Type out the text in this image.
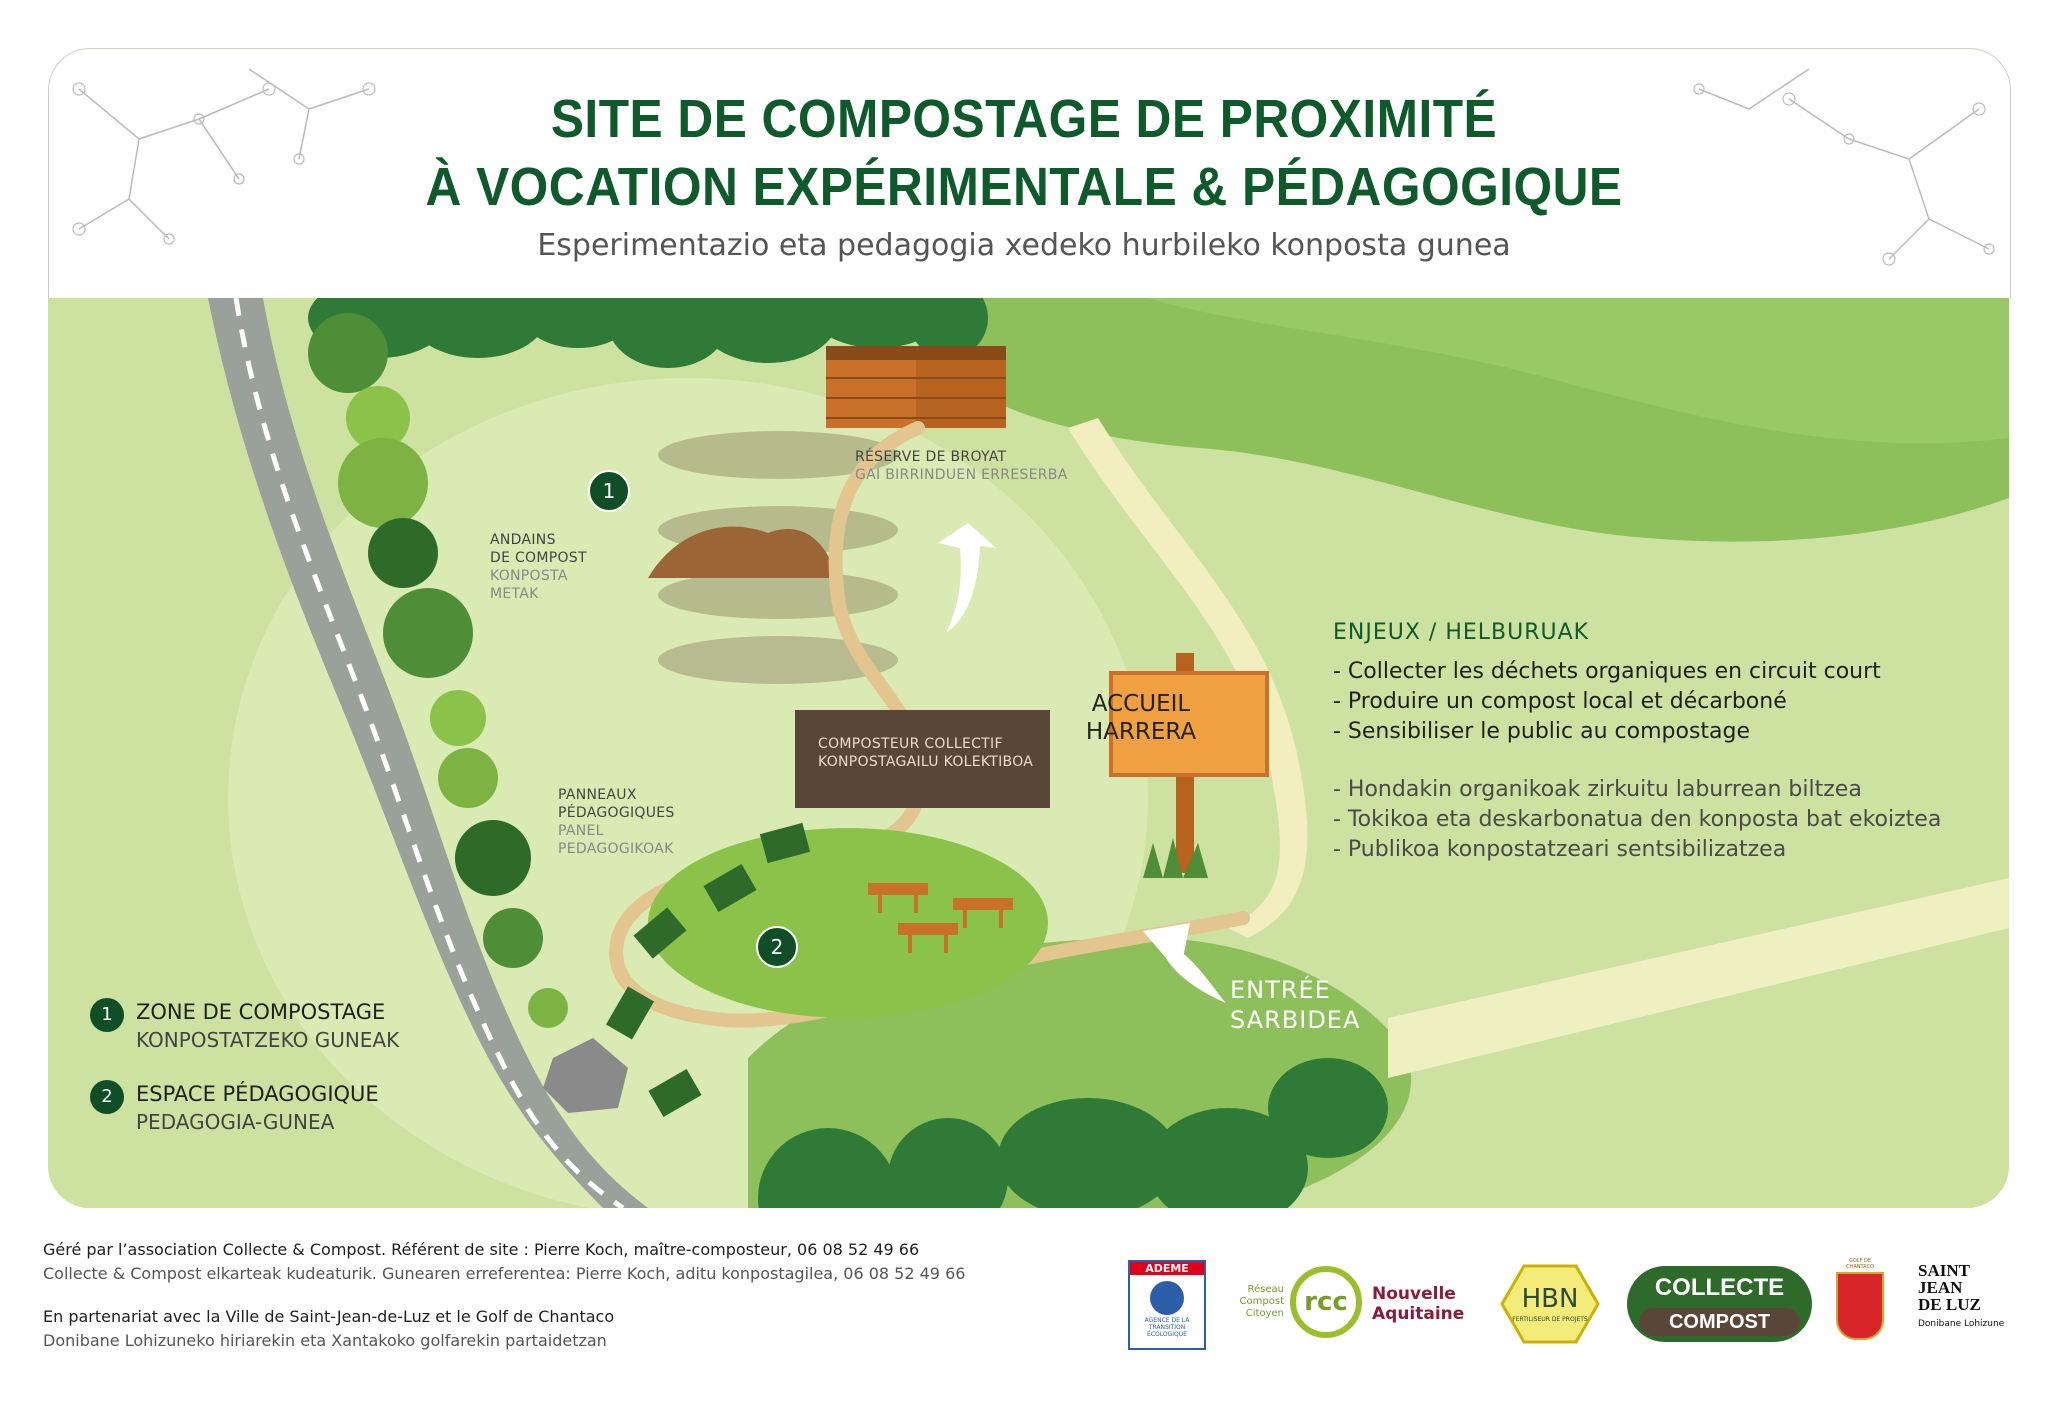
SITE DE COMPOSTAGE DE PROXIMITÉ
À VOCATION EXPÉRIMENTALE & PÉDAGOGIQUE
Esperimentazio eta pedagogia xedeko hurbileko konposta gunea
1
2
RÉSERVE DE BROYAT
GAI BIRRINDUEN ERRESERBA
ANDAINS
DE COMPOST
KONPOSTA
METAK
COMPOSTEUR COLLECTIF
KONPOSTAGAILU KOLEKTIBOA
PANNEAUX
PÉDAGOGIQUES
PANEL
PEDAGOGIKOAK
ACCUEIL
HARRERA
ENTRÉE
SARBIDEA
ENJEUX / HELBURUAK
- Collecter les déchets organiques en circuit court
- Produire un compost local et décarboné
- Sensibiliser le public au compostage
- Hondakin organikoak zirkuitu laburrean biltzea
- Tokikoa eta deskarbonatua den konposta bat ekoiztea
- Publikoa konpostatzeari sentsibilizatzea
1	ZONE DE COMPOSTAGE
KONPOSTATZEKO GUNEAK
2	ESPACE PÉDAGOGIQUE
PEDAGOGIA-GUNEA
Géré par l’association Collecte & Compost. Référent de site : Pierre Koch, maître-composteur, 06 08 52 49 66
Collecte & Compost elkarteak kudeaturik. Gunearen erreferentea: Pierre Koch, aditu konpostagilea, 06 08 52 49 66
En partenariat avec la Ville de Saint-Jean-de-Luz et le Golf de Chantaco
Donibane Lohizuneko hiriarekin eta Xantakoko golfarekin partaidetzan
ADEME
AGENCE DE LA
TRANSITION
ÉCOLOGIQUE
Réseau
Compost
Citoyen rcc	Nouvelle
Aquitaine	HBN
FERTILISEUR DE PROJETS
COLLECTE
COMPOST
GOLF DE CHANTACO	SAINT
JEAN
DE LUZ
Donibane Lohizune
